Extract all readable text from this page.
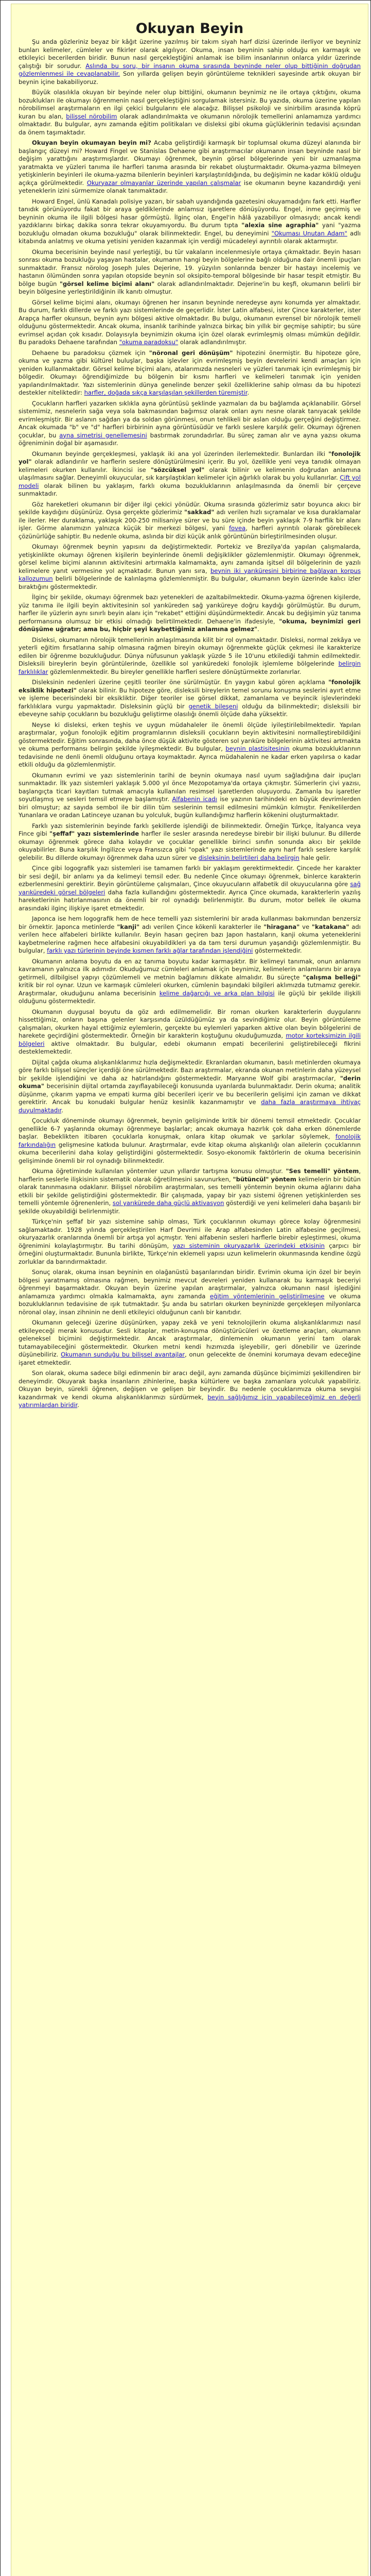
Okuyan Beyin

Şu anda gözleriniz beyaz bir kâğıt üzerine yazılmış bir takım siyah harf dizisi üzerinde ilerliyor ve beyniniz bunları kelimeler, cümleler ve fikirler olarak algılıyor. Okuma, insan beyninin sahip olduğu en karmaşık ve etkileyici becerilerden biridir. Bunun nasıl gerçekleştiğini anlamak ise bilim insanlarının onlarca yıldır üzerinde çalıştığı bir sorudur. Aslında bu soru, bir insanın okuma sırasında beyninde neler olup bittiğinin doğrudan gözlemlenmesi ile cevaplanabilir. Son yıllarda gelişen beyin görüntüleme teknikleri sayesinde artık okuyan bir beynin içine bakabiliyoruz.

Büyük olasılıkla okuyan bir beyinde neler olup bittiğini, okumanın beynimiz ne ile ortaya çıktığını, okuma bozuklukları ile okumayı öğrenmenin nasıl gerçekleştiğini sorgulamak istersiniz. Bu yazıda, okuma üzerine yapılan nörobilimsel araştırmaların en ilgi çekici bulgularını ele alacağız. Bilişsel psikoloji ve sinirbilim arasında köprü kuran bu alan, bilişsel nörobilim olarak adlandırılmakta ve okumanın nörolojik temellerini anlamamıza yardımcı olmaktadır. Bu bulgular, aynı zamanda eğitim politikaları ve disleksi gibi okuma güçlüklerinin tedavisi açısından da önem taşımaktadır.

Okuyan beyin okumayan beyin mi? Acaba geliştirdiği karmaşık bir toplumsal okuma düzeyi alanında bir başlangıç düzeyi mi? Howard Fingel ve Stanislas Dehaene gibi araştırmacılar okumanın insan beyninde nasıl bir değişim yarattığını araştırmışlardır. Okumayı öğrenmek, beynin görsel bölgelerinde yeni bir uzmanlaşma yaratmakta ve yüzleri tanıma ile harfleri tanıma arasında bir rekabet oluşturmaktadır. Okuma-yazma bilmeyen yetişkinlerin beyinleri ile okuma-yazma bilenlerin beyinleri karşılaştırıldığında, bu değişimin ne kadar köklü olduğu açıkça görülmektedir. Okuryazar olmayanlar üzerinde yapılan çalışmalar ise okumanın beyne kazandırdığı yeni yeteneklerin izini sürmemize olanak tanımaktadır.

Howard Engel, ünlü Kanadalı polisiye yazarı, bir sabah uyandığında gazetesini okuyamadığını fark etti. Harfler tanıdık görünüyordu fakat bir araya geldiklerinde anlamsız işaretlere dönüşüyordu. Engel, inme geçirmiş ve beyninin okuma ile ilgili bölgesi hasar görmüştü. İlginç olan, Engel'in hâlâ yazabiliyor olmasıydı; ancak kendi yazdıklarını birkaç dakika sonra tekrar okuyamıyordu. Bu durum tıpta "alexia sine agraphia" yani "yazma bozukluğu olmadan okuma bozukluğu" olarak bilinmektedir. Engel, bu deneyimini "Okuması Unutan Adam" adlı kitabında anlatmış ve okuma yetisini yeniden kazanmak için verdiği mücadeleyi ayrıntılı olarak aktarmıştır.

Okuma becerisinin beyinde nasıl yerleştiği, bu tür vakaların incelenmesiyle ortaya çıkmaktadır. Beyin hasarı sonrası okuma bozukluğu yaşayan hastalar, okumanın hangi beyin bölgelerine bağlı olduğuna dair önemli ipuçları sunmaktadır. Fransız nörolog Joseph Jules Dejerine, 19. yüzyılın sonlarında benzer bir hastayı incelemiş ve hastanın ölümünden sonra yapılan otopside beynin sol oksipito-temporal bölgesinde bir hasar tespit etmiştir. Bu bölge bugün "görsel kelime biçimi alanı" olarak adlandırılmaktadır. Dejerine'in bu keşfi, okumanın belirli bir beyin bölgesine yerleştirildiğinin ilk kanıtı olmuştur.

Görsel kelime biçimi alanı, okumayı öğrenen her insanın beyninde neredeyse aynı konumda yer almaktadır. Bu durum, farklı dillerde ve farklı yazı sistemlerinde de geçerlidir. İster Latin alfabesi, ister Çince karakterler, ister Arapça harfler okunsun, beynin aynı bölgesi aktive olmaktadır. Bu bulgu, okumanın evrensel bir nörolojik temeli olduğunu göstermektedir. Ancak okuma, insanlık tarihinde yalnızca birkaç bin yıllık bir geçmişe sahiptir; bu süre evrimsel açıdan çok kısadır. Dolayısıyla beynimizin okuma için özel olarak evrimleşmiş olması mümkün değildir. Bu paradoks Dehaene tarafından "okuma paradoksu" olarak adlandırılmıştır.

Dehaene bu paradoksu çözmek için "nöronal geri dönüşüm" hipotezini önermiştir. Bu hipoteze göre, okuma ve yazma gibi kültürel buluşlar, başka işlevler için evrimleşmiş beyin devrelerini kendi amaçları için yeniden kullanmaktadır. Görsel kelime biçimi alanı, atalarımızda nesneleri ve yüzleri tanımak için evrimleşmiş bir bölgedir. Okumayı öğrendiğimizde bu bölgenin bir kısmı harfleri ve kelimeleri tanımak için yeniden yapılandırılmaktadır. Yazı sistemlerinin dünya genelinde benzer şekil özelliklerine sahip olması da bu hipotezi destekler niteliktedir: harfler, doğada sıkça karşılaşılan şekillerden türemiştir.

Çocukların harfleri yazarken sıklıkla ayna görüntüsü şeklinde yazmaları da bu bağlamda açıklanabilir. Görsel sistemimiz, nesnelerin sağa veya sola bakmasından bağımsız olarak onları aynı nesne olarak tanıyacak şekilde evrimleşmiştir. Bir aslanın sağdan ya da soldan görünmesi, onun tehlikeli bir aslan olduğu gerçeğini değiştirmez. Ancak okumada "b" ve "d" harfleri birbirinin ayna görüntüsüdür ve farklı seslere karşılık gelir. Okumayı öğrenen çocuklar, bu ayna simetrisi genellemesini bastırmak zorundadırlar. Bu süreç zaman alır ve ayna yazısı okuma öğreniminin doğal bir aşamasıdır.

Okumanın beyinde gerçekleşmesi, yaklaşık iki ana yol üzerinden ilerlemektedir. Bunlardan ilki "fonolojik yol" olarak adlandırılır ve harflerin seslere dönüştürülmesini içerir. Bu yol, özellikle yeni veya tanıdık olmayan kelimeleri okurken kullanılır. İkincisi ise "sözcüksel yol" olarak bilinir ve kelimenin doğrudan anlamına ulaşılmasını sağlar. Deneyimli okuyucular, sık karşılaştıkları kelimeler için ağırlıklı olarak bu yolu kullanırlar. Çift yol modeli olarak bilinen bu yaklaşım, farklı okuma bozukluklarının anlaşılmasında da önemli bir çerçeve sunmaktadır.

Göz hareketleri okumanın bir diğer ilgi çekici yönüdür. Okuma sırasında gözlerimiz satır boyunca akıcı bir şekilde kaydığını düşünürüz. Oysa gerçekte gözlerimiz "sakkad" adı verilen hızlı sıçramalar ve kısa duraklamalar ile ilerler. Her duraklama, yaklaşık 200-250 milisaniye sürer ve bu süre içinde beyin yaklaşık 7-9 harflik bir alanı işler. Görme alanımızın yalnızca küçük bir merkezi bölgesi, yani fovea, harfleri ayrıntılı olarak görebilecek çözünürlüğe sahiptir. Bu nedenle okuma, aslında bir dizi küçük anlık görüntünün birleştirilmesinden oluşur.

Okumayı öğrenmek beynin yapısını da değiştirmektedir. Portekiz ve Brezilya'da yapılan çalışmalarda, yetişkinlikte okumayı öğrenen kişilerin beyinlerinde önemli değişiklikler gözlemlenmiştir. Okumayı öğrenmek, görsel kelime biçimi alanının aktivitesini artırmakla kalmamakta, aynı zamanda işitsel dil bölgelerinin de yazılı kelimelere yanıt vermesine yol açmaktadır. Bunun yanı sıra, beynin iki yarıküresini birbirine bağlayan korpus kallozumun belirli bölgelerinde de kalınlaşma gözlemlenmiştir. Bu bulgular, okumanın beyin üzerinde kalıcı izler bıraktığını göstermektedir.

İlginç bir şekilde, okumayı öğrenmek bazı yetenekleri de azaltabilmektedir. Okuma-yazma öğrenen kişilerde, yüz tanıma ile ilgili beyin aktivitesinin sol yarıküreden sağ yarıküreye doğru kaydığı görülmüştür. Bu durum, harfler ile yüzlerin aynı sınırlı beyin alanı için "rekabet" ettiğini düşündürmektedir. Ancak bu değişimin yüz tanıma performansına olumsuz bir etkisi olmadığı belirtilmektedir. Dehaene'in ifadesiyle, "okuma, beynimizi geri dönüşüme uğratır; ama bu, hiçbir şeyi kaybettiğimiz anlamına gelmez".

Disleksi, okumanın nörolojik temellerinin anlaşılmasında kilit bir rol oynamaktadır. Disleksi, normal zekâya ve yeterli eğitim fırsatlarına sahip olmasına rağmen bireyin okumayı öğrenmekte güçlük çekmesi ile karakterize edilen bir öğrenme bozukluğudur. Dünya nüfusunun yaklaşık yüzde 5 ile 10'unu etkilediği tahmin edilmektedir. Disleksili bireylerin beyin görüntülerinde, özellikle sol yarıküredeki fonolojik işlemleme bölgelerinde belirgin farklılıklar gözlemlenmektedir. Bu bireyler genellikle harfleri seslere dönüştürmekte zorlanırlar.

Disleksinin nedenleri üzerine çeşitli teoriler öne sürülmüştür. En yaygın kabul gören açıklama "fonolojik eksiklik hipotezi" olarak bilinir. Bu hipoteze göre, disleksili bireylerin temel sorunu konuşma seslerini ayırt etme ve işleme becerisindeki bir eksikliktir. Diğer teoriler ise görsel dikkat, zamanlama ve beyincik işlevlerindeki farklılıklara vurgu yapmaktadır. Disleksinin güçlü bir genetik bileşeni olduğu da bilinmektedir; disleksili bir ebeveyne sahip çocukların bu bozukluğu geliştirme olasılığı önemli ölçüde daha yüksektir.

Neyse ki disleksi, erken teşhis ve uygun müdahaleler ile önemli ölçüde iyileştirilebilmektedir. Yapılan araştırmalar, yoğun fonolojik eğitim programlarının disleksili çocukların beyin aktivitesini normalleştirebildiğini göstermektedir. Eğitim sonrasında, daha önce düşük aktivite gösteren sol yarıküre bölgelerinin aktivitesi artmakta ve okuma performansı belirgin şekilde iyileşmektedir. Bu bulgular, beynin plastisitesinin okuma bozukluklarının tedavisinde ne denli önemli olduğunu ortaya koymaktadır. Ayrıca müdahalenin ne kadar erken yapılırsa o kadar etkili olduğu da gözlemlenmiştir.

Okumanın evrimi ve yazı sistemlerinin tarihi de beynin okumaya nasıl uyum sağladığına dair ipuçları sunmaktadır. İlk yazı sistemleri yaklaşık 5.000 yıl önce Mezopotamya'da ortaya çıkmıştır. Sümerlerin çivi yazısı, başlangıçta ticari kayıtları tutmak amacıyla kullanılan resimsel işaretlerden oluşuyordu. Zamanla bu işaretler soyutlaşmış ve sesleri temsil etmeye başlamıştır. Alfabenin icadı ise yazının tarihindeki en büyük devrimlerden biri olmuştur; az sayıda sembol ile bir dilin tüm seslerinin temsil edilmesini mümkün kılmıştır. Fenikelilerden Yunanlara ve oradan Latinceye uzanan bu yolculuk, bugün kullandığımız harflerin kökenini oluşturmaktadır.

Farklı yazı sistemlerinin beyinde farklı şekillerde işlendiği de bilinmektedir. Örneğin Türkçe, İtalyanca veya Fince gibi "şeffaf" yazı sistemlerinde harfler ile sesler arasında neredeyse birebir bir ilişki bulunur. Bu dillerde okumayı öğrenmek görece daha kolaydır ve çocuklar genellikle birinci sınıfın sonunda akıcı bir şekilde okuyabilirler. Buna karşılık İngilizce veya Fransızca gibi "opak" yazı sistemlerinde aynı harf farklı seslere karşılık gelebilir. Bu dillerde okumayı öğrenmek daha uzun sürer ve disleksinin belirtileri daha belirgin hale gelir.

Çince gibi logografik yazı sistemleri ise tamamen farklı bir yaklaşım gerektirmektedir. Çincede her karakter bir sesi değil, bir anlamı ya da kelimeyi temsil eder. Bu nedenle Çince okumayı öğrenmek, binlerce karakterin ezberlenmesini gerektirir. Beyin görüntüleme çalışmaları, Çince okuyucuların alfabetik dil okuyucularına göre sağ yarıküredeki görsel bölgeleri daha fazla kullandığını göstermektedir. Ayrıca Çince okumada, karakterlerin yazılış hareketlerinin hatırlanmasının da önemli bir rol oynadığı belirlenmiştir. Bu durum, motor bellek ile okuma arasındaki ilginç ilişkiye işaret etmektedir.

Japonca ise hem logografik hem de hece temelli yazı sistemlerini bir arada kullanması bakımından benzersiz bir örnektir. Japonca metinlerde "kanji" adı verilen Çince kökenli karakterler ile "hiragana" ve "katakana" adı verilen hece alfabeleri birlikte kullanılır. Beyin hasarı geçiren bazı Japon hastaların, kanji okuma yeteneklerini kaybetmelerine rağmen hece alfabesini okuyabildikleri ya da tam tersi durumun yaşandığı gözlemlenmiştir. Bu bulgular, farklı yazı türlerinin beyinde kısmen farklı ağlar tarafından işlendiğini göstermektedir.

Okumanın anlama boyutu da en az tanıma boyutu kadar karmaşıktır. Bir kelimeyi tanımak, onun anlamını kavramanın yalnızca ilk adımıdır. Okuduğumuz cümleleri anlamak için beynimiz, kelimelerin anlamlarını bir araya getirmeli, dilbilgisel yapıyı çözümlemeli ve metnin bağlamını dikkate almalıdır. Bu süreçte "çalışma belleği" kritik bir rol oynar. Uzun ve karmaşık cümleleri okurken, cümlenin başındaki bilgileri aklımızda tutmamız gerekir. Araştırmalar, okuduğunu anlama becerisinin kelime dağarcığı ve arka plan bilgisi ile güçlü bir şekilde ilişkili olduğunu göstermektedir.

Okumanın duygusal boyutu da göz ardı edilmemelidir. Bir roman okurken karakterlerin duygularını hissettiğimiz, onların başına gelenler karşısında üzüldüğümüz ya da sevindiğimiz olur. Beyin görüntüleme çalışmaları, okurken hayal ettiğimiz eylemlerin, gerçekte bu eylemleri yaparken aktive olan beyin bölgelerini de harekete geçirdiğini göstermektedir. Örneğin bir karakterin koştuğunu okuduğumuzda, motor korteksimizin ilgili bölgeleri aktive olmaktadır. Bu bulgular, edebi okumanın empati becerilerini geliştirebileceği fikrini desteklemektedir.

Dijital çağda okuma alışkanlıklarımız hızla değişmektedir. Ekranlardan okumanın, basılı metinlerden okumaya göre farklı bilişsel süreçler içerdiği öne sürülmektedir. Bazı araştırmalar, ekranda okunan metinlerin daha yüzeysel bir şekilde işlendiğini ve daha az hatırlandığını göstermektedir. Maryanne Wolf gibi araştırmacılar, "derin okuma" becerisinin dijital ortamda zayıflayabileceği konusunda uyarılarda bulunmaktadır. Derin okuma; analitik düşünme, çıkarım yapma ve empati kurma gibi becerileri içerir ve bu becerilerin gelişimi için zaman ve dikkat gerektirir. Ancak bu konudaki bulgular henüz kesinlik kazanmamıştır ve daha fazla araştırmaya ihtiyaç duyulmaktadır.

Çocukluk döneminde okumayı öğrenmek, beynin gelişiminde kritik bir dönemi temsil etmektedir. Çocuklar genellikle 6-7 yaşlarında okumayı öğrenmeye başlarlar; ancak okumaya hazırlık çok daha erken dönemlerde başlar. Bebeklikten itibaren çocuklarla konuşmak, onlara kitap okumak ve şarkılar söylemek, fonolojik farkındalığın gelişmesine katkıda bulunur. Araştırmalar, evde kitap okuma alışkanlığı olan ailelerin çocuklarının okuma becerilerini daha kolay geliştirdiğini göstermektedir. Sosyo-ekonomik faktörlerin de okuma becerisinin gelişiminde önemli bir rol oynadığı bilinmektedir.

Okuma öğretiminde kullanılan yöntemler uzun yıllardır tartışma konusu olmuştur. "Ses temelli" yöntem, harflerin seslerle ilişkisinin sistematik olarak öğretilmesini savunurken, "bütüncül" yöntem kelimelerin bir bütün olarak tanınmasına odaklanır. Bilişsel nörobilim araştırmaları, ses temelli yöntemin beynin okuma ağlarını daha etkili bir şekilde geliştirdiğini göstermektedir. Bir çalışmada, yapay bir yazı sistemi öğrenen yetişkinlerden ses temelli yöntemle öğrenenlerin, sol yarıkürede daha güçlü aktivasyon gösterdiği ve yeni kelimeleri daha başarılı bir şekilde okuyabildiği belirlenmiştir.

Türkçe'nin şeffaf bir yazı sistemine sahip olması, Türk çocuklarının okumayı görece kolay öğrenmesini sağlamaktadır. 1928 yılında gerçekleştirilen Harf Devrimi ile Arap alfabesinden Latin alfabesine geçilmesi, okuryazarlık oranlarında önemli bir artışa yol açmıştır. Yeni alfabenin sesleri harflerle birebir eşleştirmesi, okuma öğrenimini kolaylaştırmıştır. Bu tarihi dönüşüm, yazı sisteminin okuryazarlık üzerindeki etkisinin çarpıcı bir örneğini oluşturmaktadır. Bununla birlikte, Türkçe'nin eklemeli yapısı uzun kelimelerin okunmasında kendine özgü zorluklar da barındırmaktadır.

Sonuç olarak, okuma insan beyninin en olağanüstü başarılarından biridir. Evrimin okuma için özel bir beyin bölgesi yaratmamış olmasına rağmen, beynimiz mevcut devreleri yeniden kullanarak bu karmaşık beceriyi öğrenmeyi başarmaktadır. Okuyan beyin üzerine yapılan araştırmalar, yalnızca okumanın nasıl işlediğini anlamamıza yardımcı olmakla kalmamakta, aynı zamanda eğitim yöntemlerinin geliştirilmesine ve okuma bozukluklarının tedavisine de ışık tutmaktadır. Şu anda bu satırları okurken beyninizde gerçekleşen milyonlarca nöronal olay, insan zihninin ne denli etkileyici olduğunun canlı bir kanıtıdır.

Okumanın geleceği üzerine düşünürken, yapay zekâ ve yeni teknolojilerin okuma alışkanlıklarımızı nasıl etkileyeceği merak konusudur. Sesli kitaplar, metin-konuşma dönüştürücüleri ve özetleme araçları, okumanın geleneksel biçimini değiştirmektedir. Ancak araştırmalar, dinlemenin okumanın yerini tam olarak tutamayabileceğini göstermektedir. Okurken metni kendi hızımızda işleyebilir, geri dönebilir ve üzerinde düşünebiliriz. Okumanın sunduğu bu bilişsel avantajlar, onun gelecekte de önemini korumaya devam edeceğine işaret etmektedir.

Son olarak, okuma sadece bilgi edinmenin bir aracı değil, aynı zamanda düşünce biçimimizi şekillendiren bir deneyimdir. Okuyarak başka insanların zihinlerine, başka kültürlere ve başka zamanlara yolculuk yapabiliriz. Okuyan beyin, sürekli öğrenen, değişen ve gelişen bir beyindir. Bu nedenle çocuklarımıza okuma sevgisi kazandırmak ve kendi okuma alışkanlıklarımızı sürdürmek, beyin sağlığımız için yapabileceğimiz en değerli yatırımlardan biridir.
